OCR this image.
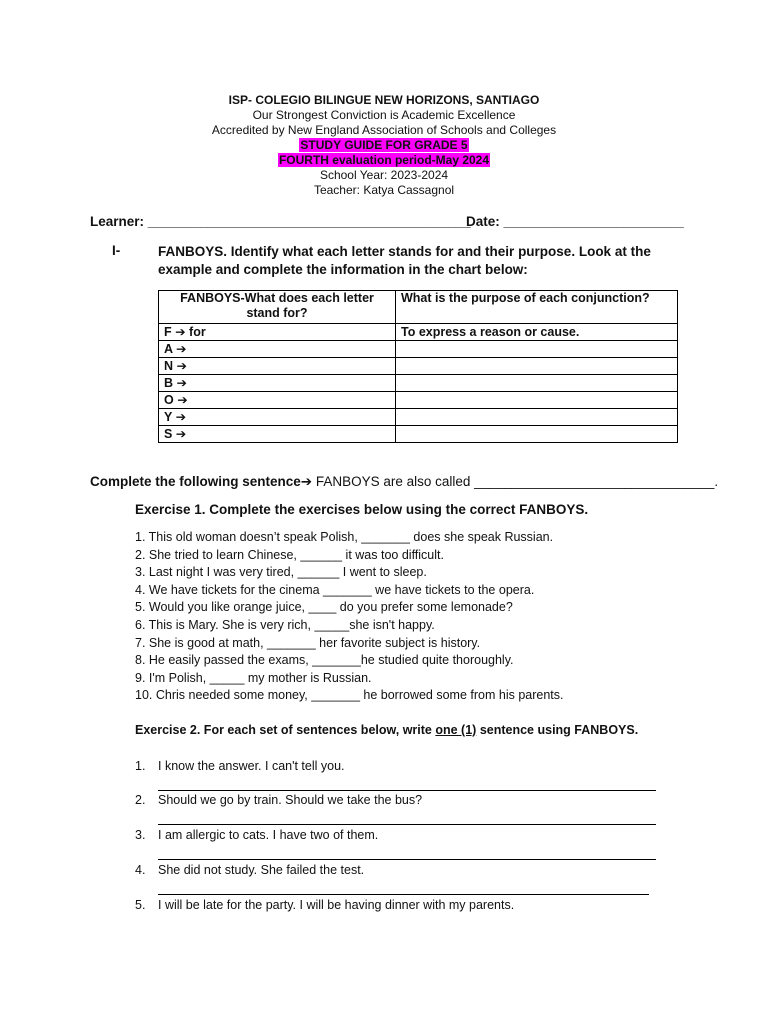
ISP- COLEGIO BILINGUE NEW HORIZONS, SANTIAGO
Our Strongest Conviction is Academic Excellence
Accredited by New England Association of Schools and Colleges
STUDY GUIDE FOR GRADE 5
FOURTH evaluation period-May 2024
School Year: 2023-2024
Teacher: Katya Cassagnol
Learner: ___________________________________________
Date: ________________________
I-	FANBOYS. Identify what each letter stands for and their purpose. Look at the example and complete the information in the chart below:
FANBOYS-What does each letter stand for?	What is the purpose of each conjunction?
F ➔ for	To express a reason or cause.
A ➔	
N ➔	
B ➔	
O ➔	
Y ➔	
S ➔	
Complete the following sentence➔ FANBOYS are also called ________________________________.
Exercise 1. Complete the exercises below using the correct FANBOYS.
1. This old woman doesn’t speak Polish, _______ does she speak Russian.
2. She tried to learn Chinese, ______ it was too difficult.
3. Last night I was very tired, ______ I went to sleep.
4. We have tickets for the cinema _______ we have tickets to the opera.
5. Would you like orange juice, ____ do you prefer some lemonade?
6. This is Mary. She is very rich, _____she isn't happy.
7. She is good at math, _______ her favorite subject is history.
8. He easily passed the exams, _______he studied quite thoroughly.
9. I'm Polish, _____ my mother is Russian.
10. Chris needed some money, _______ he borrowed some from his parents.
Exercise 2. For each set of sentences below, write one (1) sentence using FANBOYS.
1. I know the answer. I can't tell you.
2. Should we go by train. Should we take the bus?
3. I am allergic to cats. I have two of them.
4. She did not study. She failed the test.
5. I will be late for the party. I will be having dinner with my parents.
